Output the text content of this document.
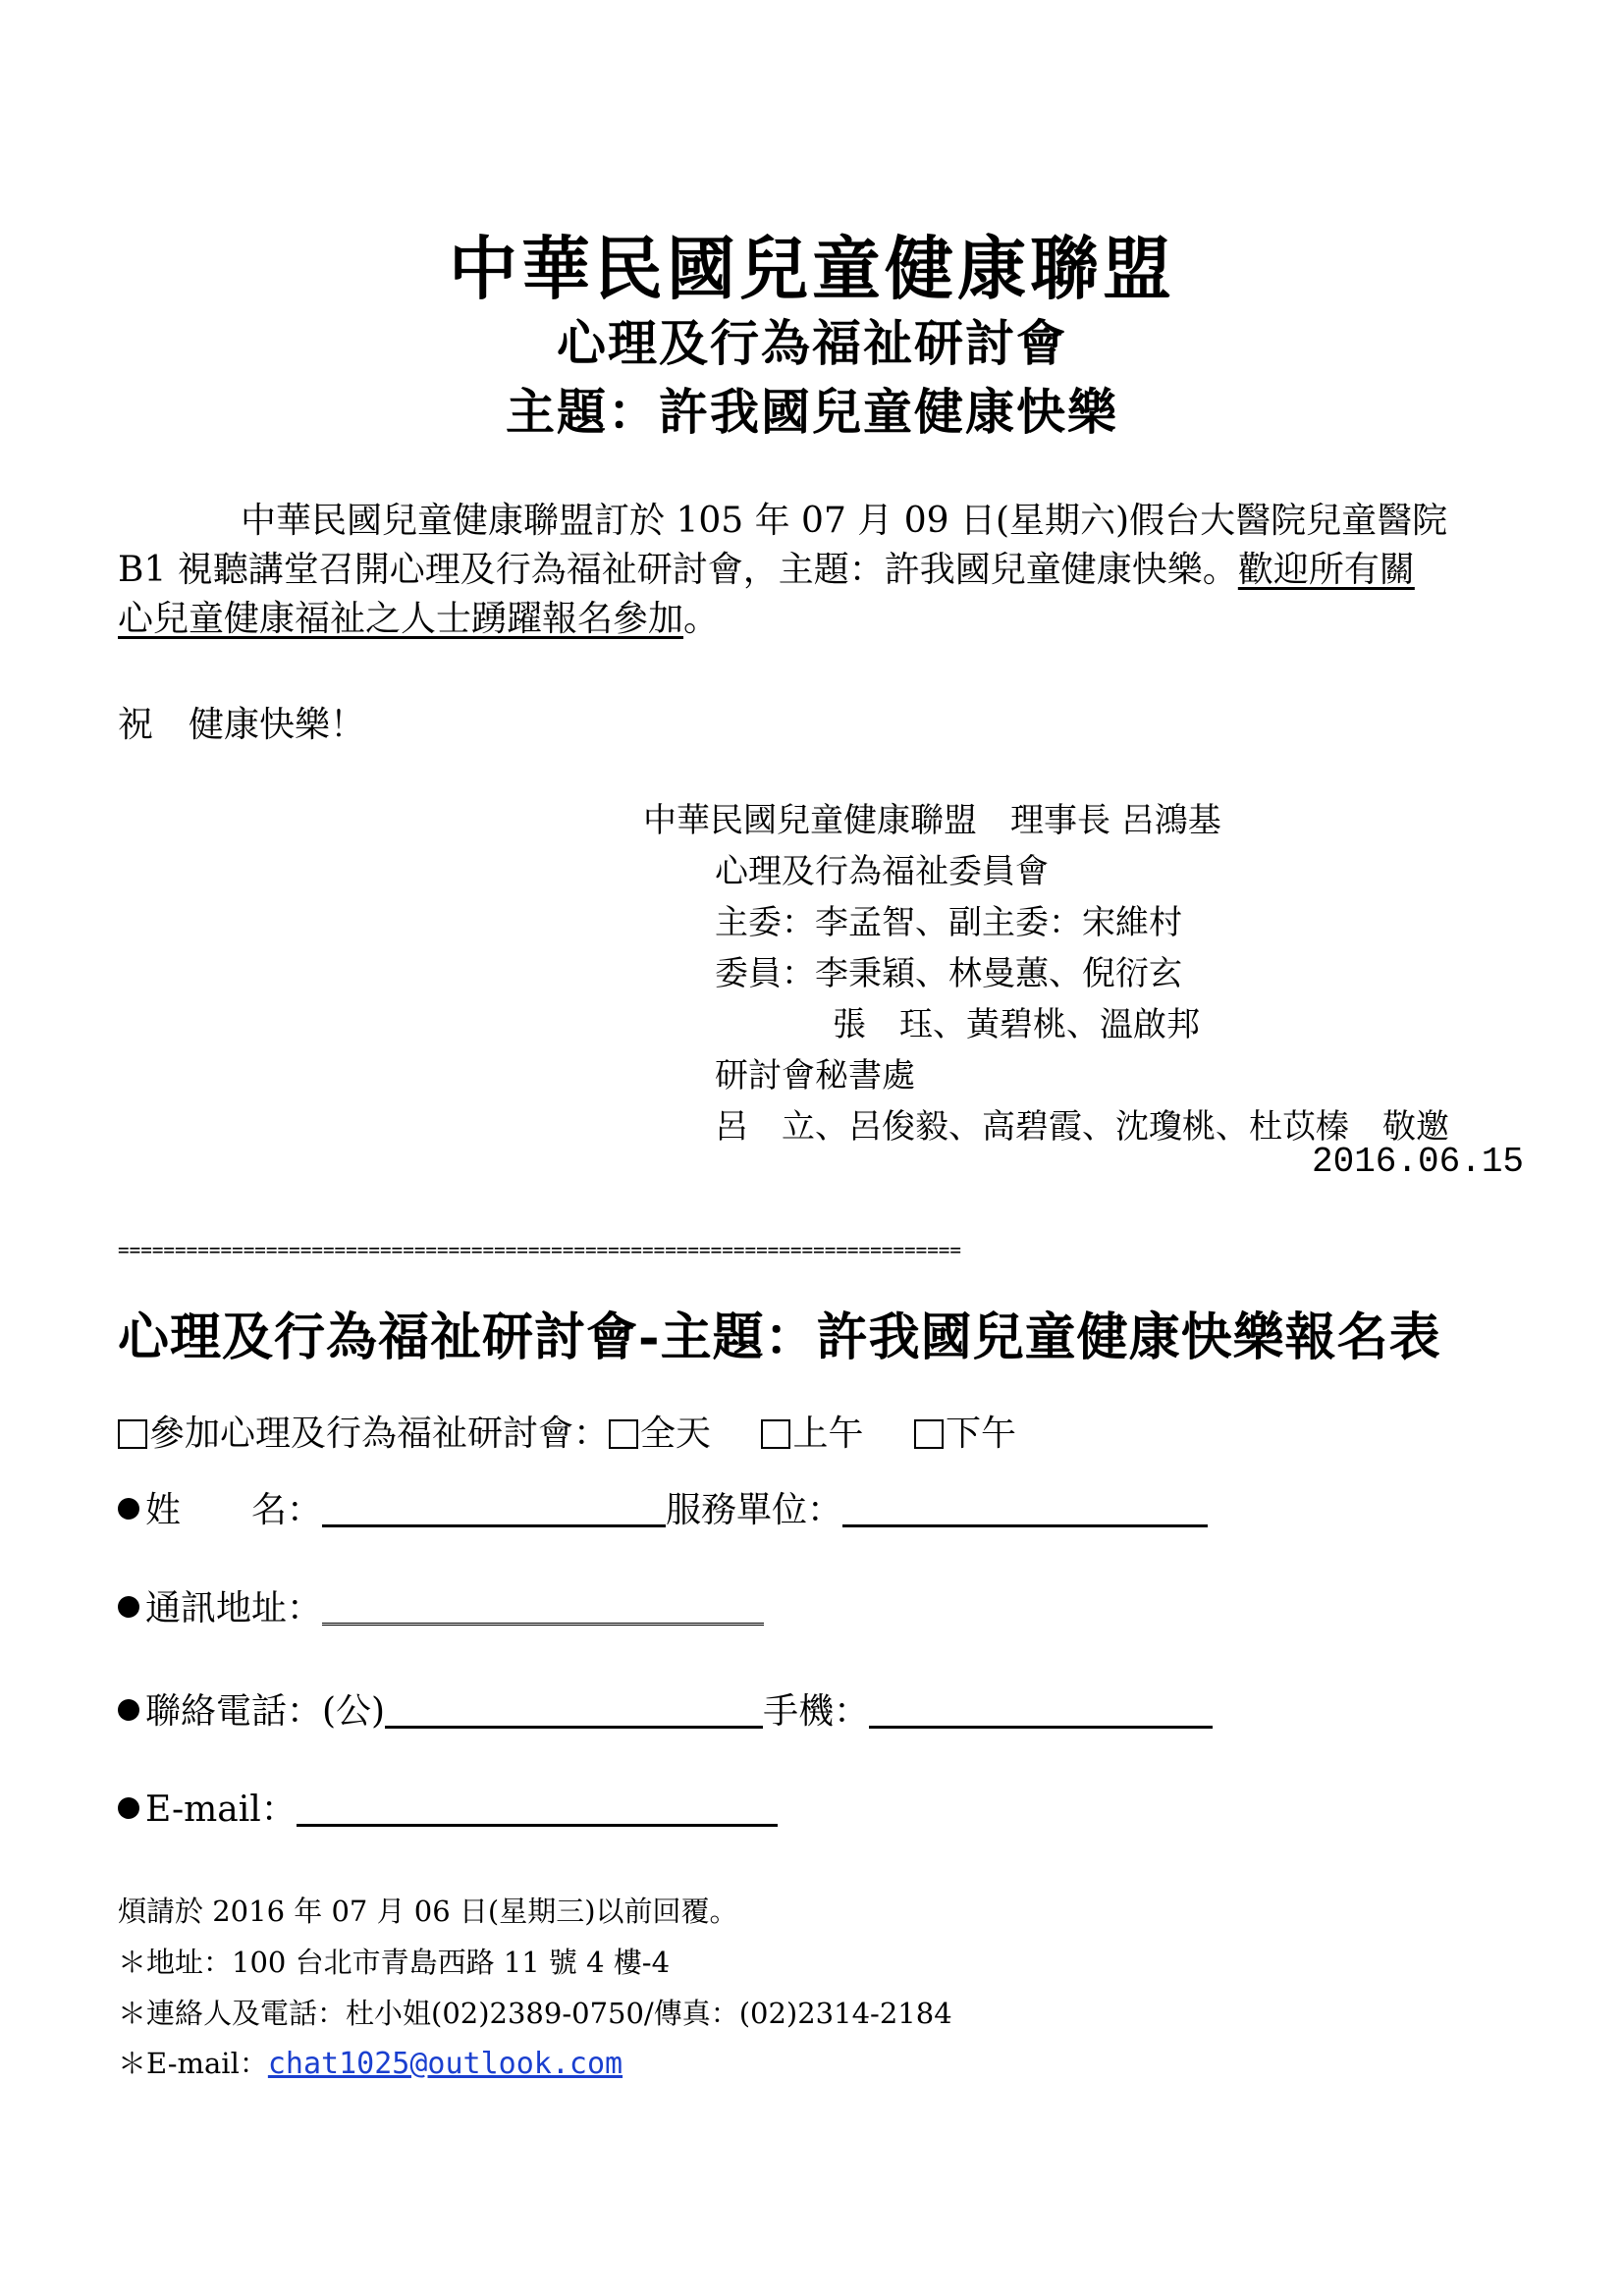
中華民國兒童健康聯盟
心理及行為福祉研討會
主題：許我國兒童健康快樂
中華民國兒童健康聯盟訂於 105 年 07 月 09 日(星期六)假台大醫院兒童醫院
B1 視聽講堂召開心理及行為福祉研討會，主題：許我國兒童健康快樂。歡迎所有關
心兒童健康福祉之人士踴躍報名參加。
祝　健康快樂！
中華民國兒童健康聯盟　理事長 呂鴻基
心理及行為福祉委員會
主委：李孟智、副主委：宋維村
委員：李秉穎、林曼蕙、倪衍玄
張　珏、黃碧桃、溫啟邦
研討會秘書處
呂　立、呂俊毅、高碧霞、沈瓊桃、杜苡榛　敬邀
2016.06.15
==========================================================================
心理及行為福祉研討會-主題：許我國兒童健康快樂報名表
參加心理及行為福祉研討會： 全天 上午 下午
姓　　名：	服務單位：
通訊地址：
聯絡電話：(公)	手機：
E-mail：
煩請於 2016 年 07 月 06 日(星期三)以前回覆。
＊地址：100 台北市青島西路 11 號 4 樓-4
＊連絡人及電話：杜小姐(02)2389-0750/傳真：(02)2314-2184
＊E-mail：chat1025@outlook.com
